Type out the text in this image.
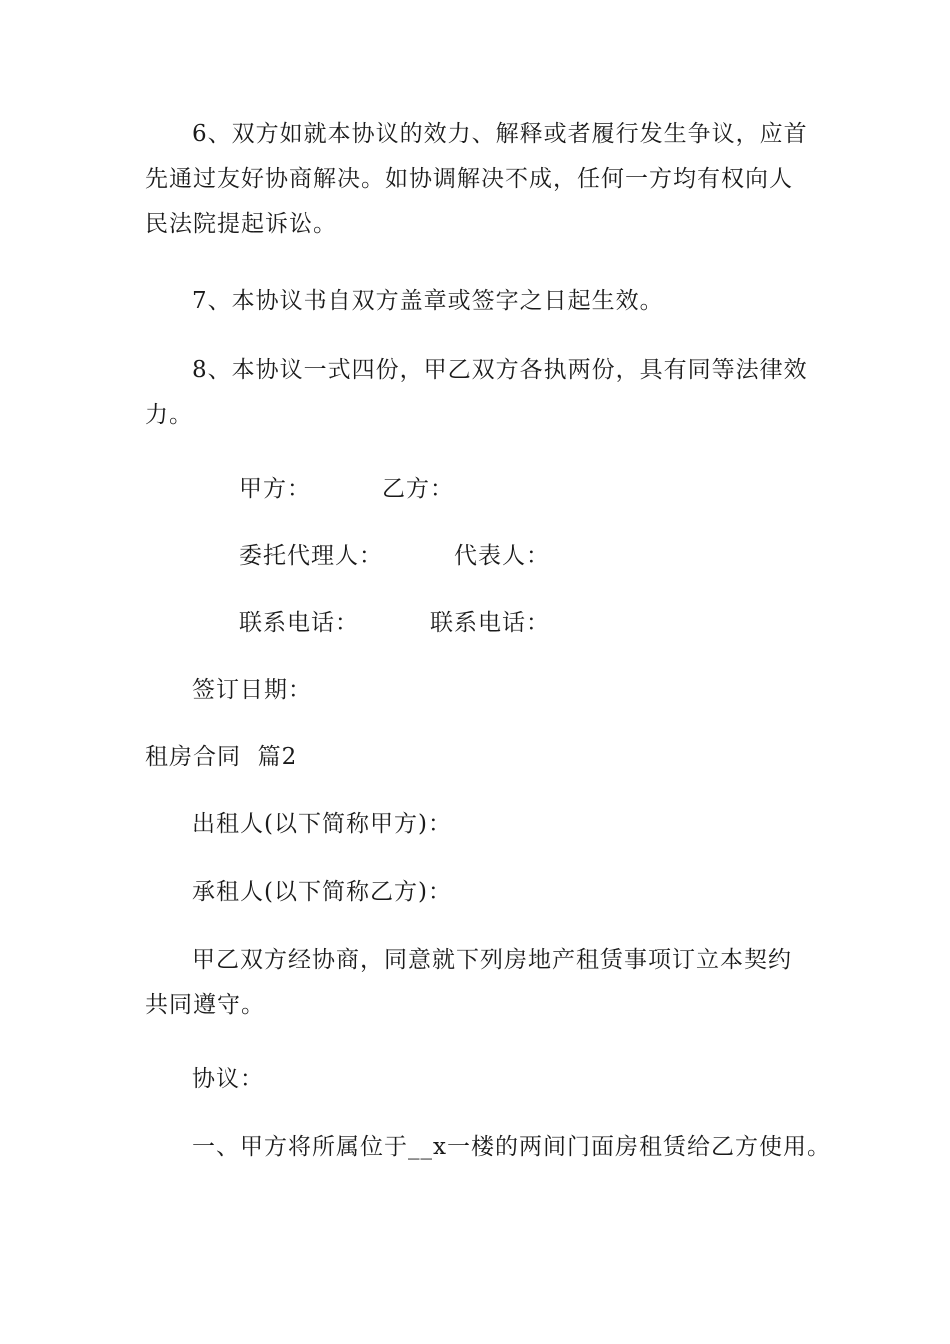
6、双方如就本协议的效力、解释或者履行发生争议，应首先通过友好协商解决。如协调解决不成，任何一方均有权向人民法院提起诉讼。

7、本协议书自双方盖章或签字之日起生效。

8、本协议一式四份，甲乙双方各执两份，具有同等法律效力。

甲方：	乙方：

委托代理人：	代表人：

联系电话：	联系电话：

签订日期：

租房合同  篇2

出租人(以下简称甲方)：

承租人(以下简称乙方)：

甲乙双方经协商，同意就下列房地产租赁事项订立本契约共同遵守。

协议：

一、甲方将所属位于__x一楼的两间门面房租赁给乙方使用。
